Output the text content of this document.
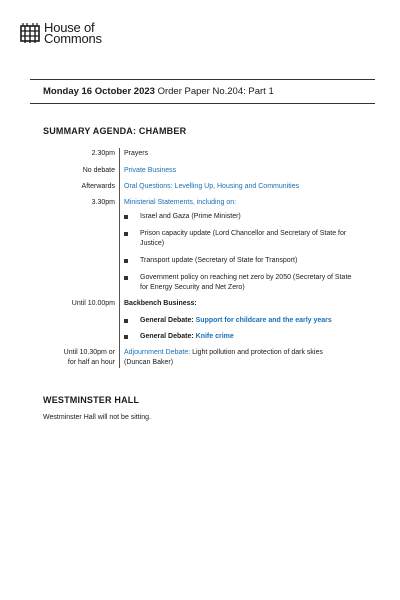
House of
Commons
Monday 16 October 2023 Order Paper No.204: Part 1
SUMMARY AGENDA: CHAMBER
2.30pm Prayers
No debate Private Business
Afterwards Oral Questions: Levelling Up, Housing and Communities
3.30pm Ministerial Statements, including on:
Israel and Gaza (Prime Minister)
Prison capacity update (Lord Chancellor and Secretary of State for Justice)
Transport update (Secretary of State for Transport)
Government policy on reaching net zero by 2050 (Secretary of State for Energy Security and Net Zero)
Until 10.00pm Backbench Business:
General Debate: Support for childcare and the early years
General Debate: Knife crime
Until 10.30pm or
for half an hour
Adjournment Debate: Light pollution and protection of dark skies
(Duncan Baker)
WESTMINSTER HALL
Westminster Hall will not be sitting.
